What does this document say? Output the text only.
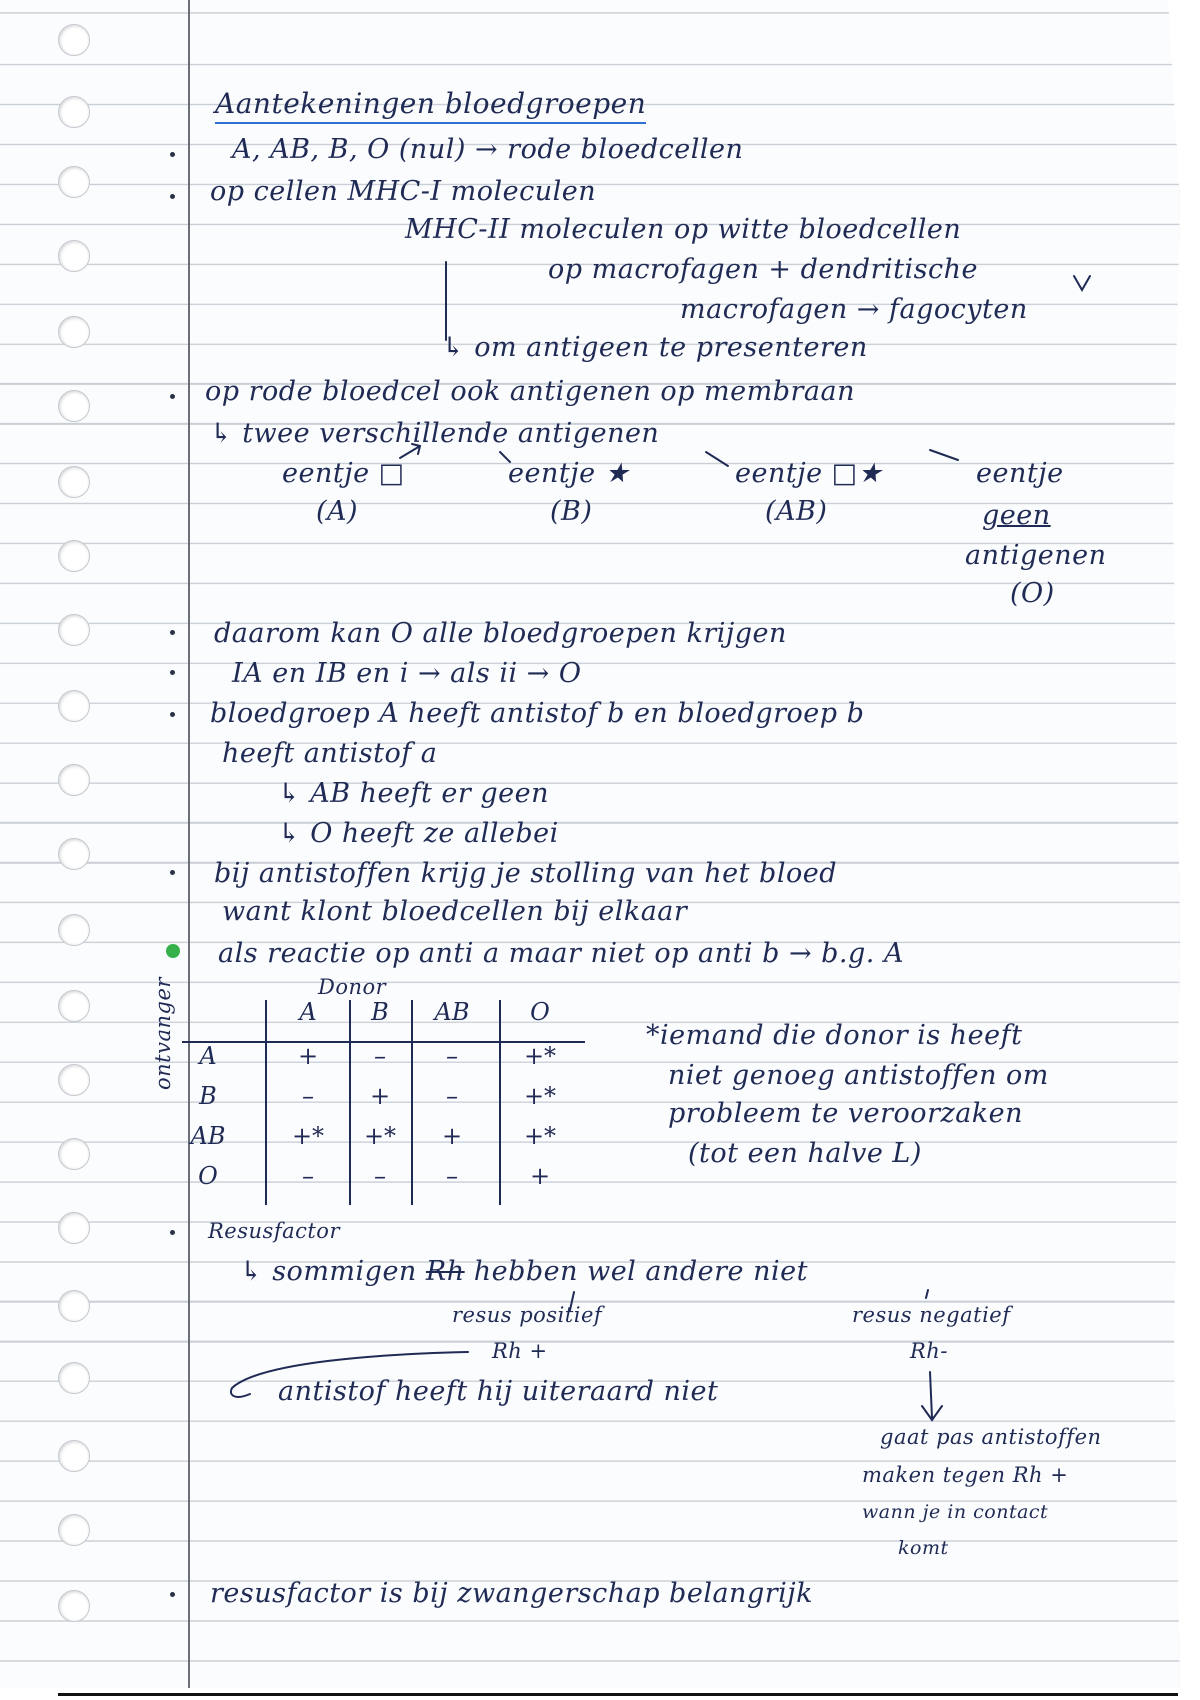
Aantekeningen bloedgroepen
A, AB, B, O (nul) → rode bloedcellen
op cellen MHC-I moleculen
MHC-II moleculen op witte bloedcellen
op macrofagen + dendritische
macrofagen → fagocyten
↳ om antigeen te presenteren
op rode bloedcel ook antigenen op membraan
↳ twee verschillende antigenen
eentje □	eentje ★	eentje □★	eentje
(A)	(B)	(AB)	geen
antigenen
(O)
daarom kan O alle bloedgroepen krijgen
IA en IB en i → als ii → O
bloedgroep A heeft antistof b en bloedgroep b
heeft antistof a
↳ AB heeft er geen
↳ O heeft ze allebei
bij antistoffen krijg je stolling van het bloed
want klont bloedcellen bij elkaar
als reactie op anti a maar niet op anti b → b.g. A
Donor
ontvanger	A	B	AB	O
A	+	–	–	+*
B	–	+	–	+*
AB	+*	+*	+	+*
O	–	–	–	+
*iemand die donor is heeft
niet genoeg antistoffen om
probleem te veroorzaken
(tot een halve L)
Resusfactor
↳ sommigen Rh hebben wel andere niet
resus positief	resus negatief
Rh +	Rh-
antistof heeft hij uiteraard niet
gaat pas antistoffen
maken tegen Rh +
wann je in contact
komt
resusfactor is bij zwangerschap belangrijk
